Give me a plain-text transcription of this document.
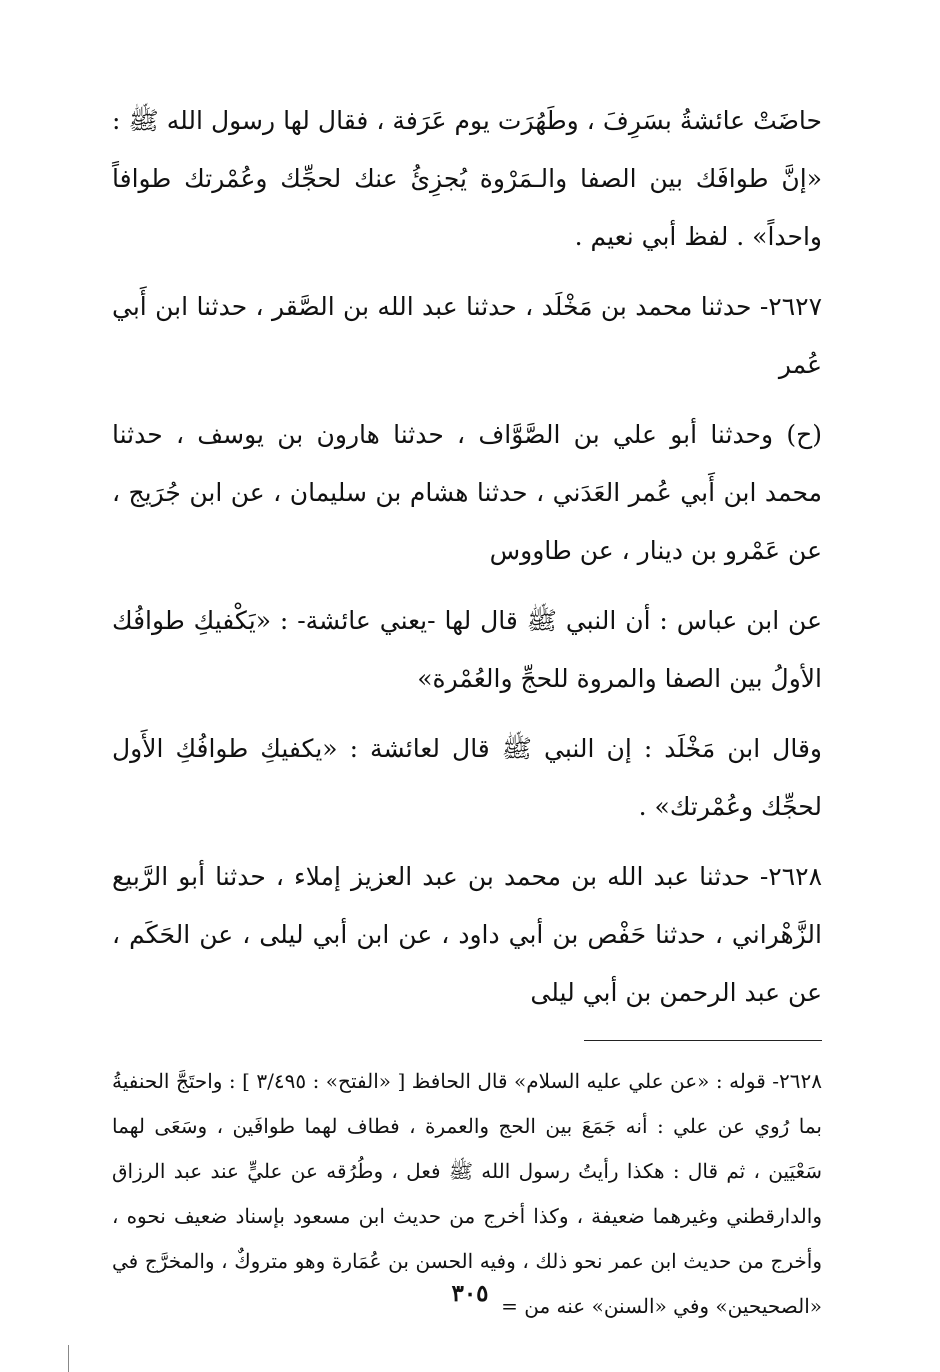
حاضَتْ عائشةُ بسَرِفَ ، وطَهُرَت يوم عَرَفة ، فقال لها رسول الله ﷺ : «إنَّ طوافَك بين الصفا والـمَرْوة يُجزِئُ عنك لحجِّك وعُمْرتك طوافاً واحداً» . لفظ أبي نعيم .

٢٦٢٧- حدثنا محمد بن مَخْلَد ، حدثنا عبد الله بن الصَّقر ، حدثنا ابن أَبي عُمر

(ح) وحدثنا أبو علي بن الصَّوَّاف ، حدثنا هارون بن يوسف ، حدثنا محمد ابن أَبي عُمر العَدَني ، حدثنا هشام بن سليمان ، عن ابن جُرَيج ، عن عَمْرو بن دينار ، عن طاووس

عن ابن عباس : أن النبي ﷺ قال لها -يعني عائشة- : «يَكْفيكِ طوافُك الأولُ بين الصفا والمروة للحجِّ والعُمْرة»

وقال ابن مَخْلَد : إن النبي ﷺ قال لعائشة : «يكفيكِ طوافُكِ الأَول لحجِّك وعُمْرتك» .

٢٦٢٨- حدثنا عبد الله بن محمد بن عبد العزيز إملاء ، حدثنا أبو الرَّبيع الزَّهْراني ، حدثنا حَفْص بن أبي داود ، عن ابن أبي ليلى ، عن الحَكَم ، عن عبد الرحمن بن أبي ليلى

٢٦٢٨- قوله : «عن علي عليه السلام» قال الحافظ [ «الفتح» : ٣/٤٩٥ ] : واحتَجَّ الحنفيةُ بما رُوي عن علي : أنه جَمَعَ بين الحج والعمرة ، فطاف لهما طوافَين ، وسَعَى لهما سَعْيَين ، ثم قال : هكذا رأيتُ رسول الله ﷺ فعل ، وطُرُقه عن عليٍّ عند عبد الرزاق والدارقطني وغيرهما ضعيفة ، وكذا أخرج من حديث ابن مسعود بإسناد ضعيف نحوه ، وأخرج من حديث ابن عمر نحو ذلك ، وفيه الحسن بن عُمَارة وهو متروكٌ ، والمخرَّج في «الصحيحين» وفي «السنن» عنه من =

٣٠٥
